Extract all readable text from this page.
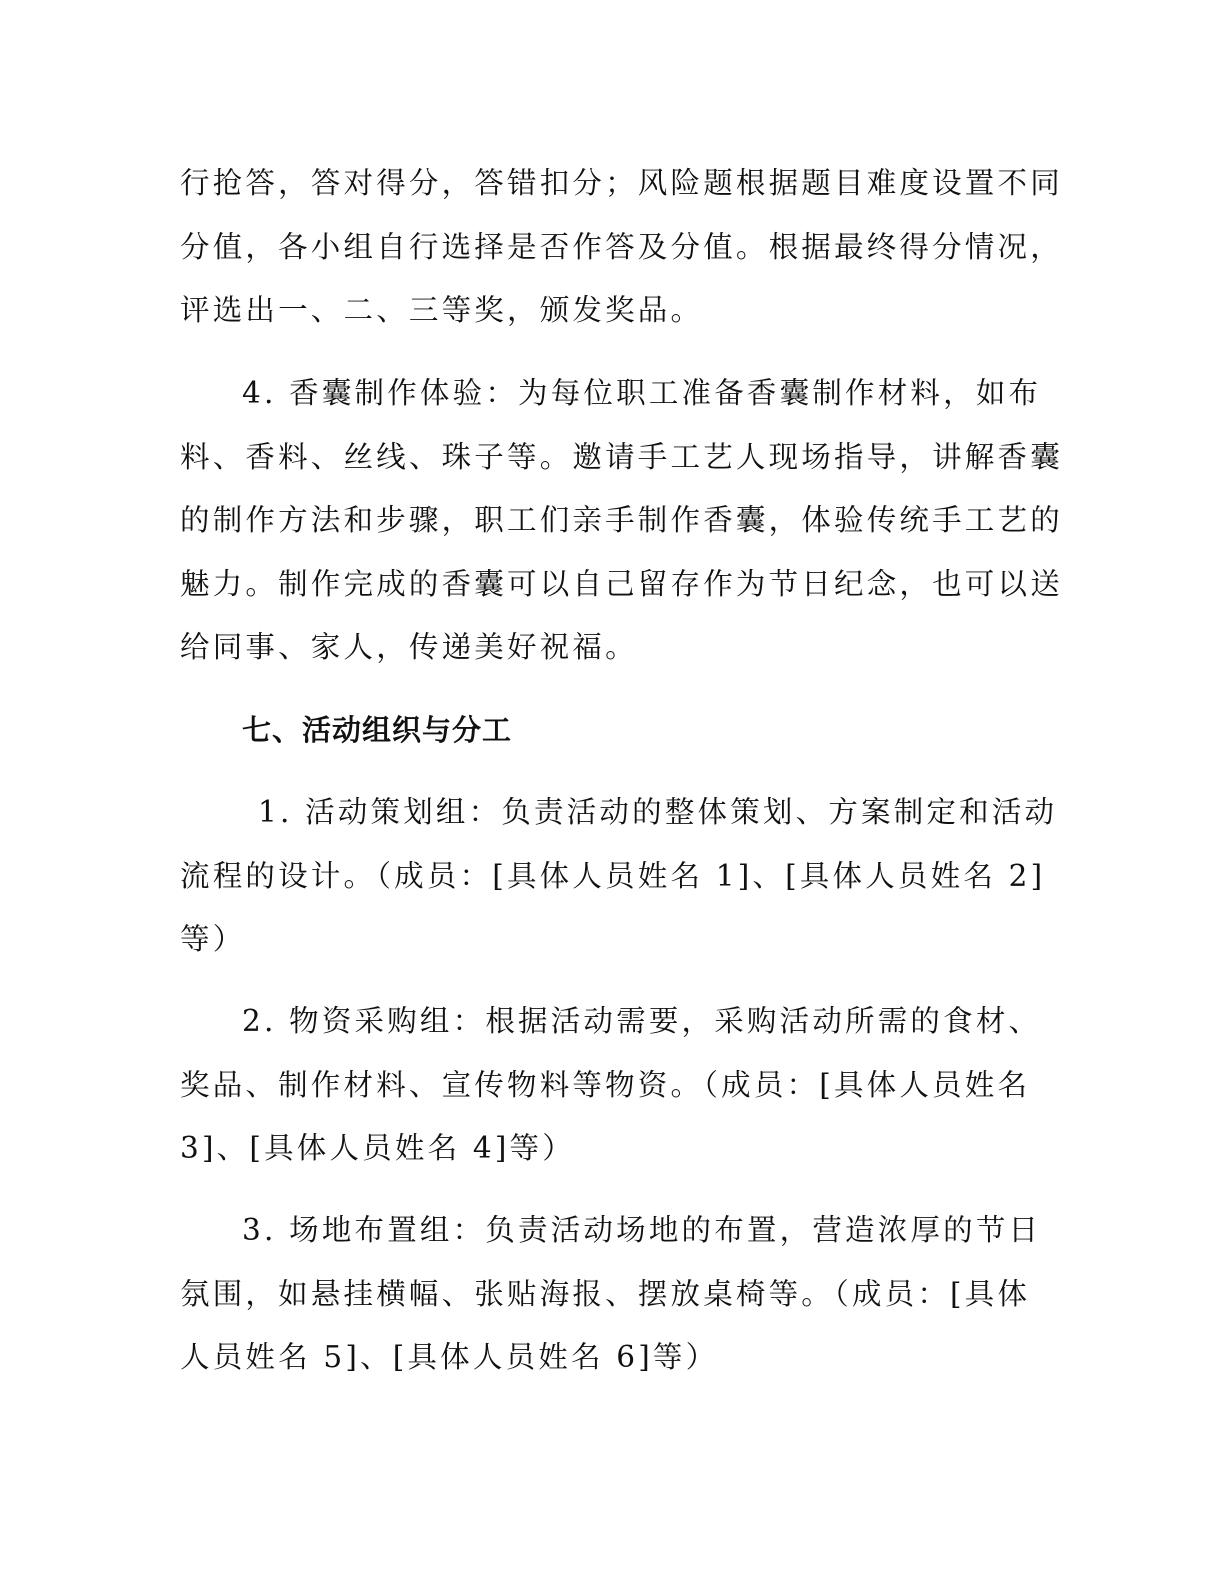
行抢答，答对得分，答错扣分；风险题根据题目难度设置不同
分值，各小组自行选择是否作答及分值。根据最终得分情况，
评选出一、二、三等奖，颁发奖品。
4. 香囊制作体验：为每位职工准备香囊制作材料，如布
料、香料、丝线、珠子等。邀请手工艺人现场指导，讲解香囊
的制作方法和步骤，职工们亲手制作香囊，体验传统手工艺的
魅力。制作完成的香囊可以自己留存作为节日纪念，也可以送
给同事、家人，传递美好祝福。
七、活动组织与分工
1. 活动策划组：负责活动的整体策划、方案制定和活动
流程的设计。（成员：[具体人员姓名 1]、[具体人员姓名 2]
等）
2. 物资采购组：根据活动需要，采购活动所需的食材、
奖品、制作材料、宣传物料等物资。（成员：[具体人员姓名
3]、[具体人员姓名 4]等）
3. 场地布置组：负责活动场地的布置，营造浓厚的节日
氛围，如悬挂横幅、张贴海报、摆放桌椅等。（成员：[具体
人员姓名 5]、[具体人员姓名 6]等）
